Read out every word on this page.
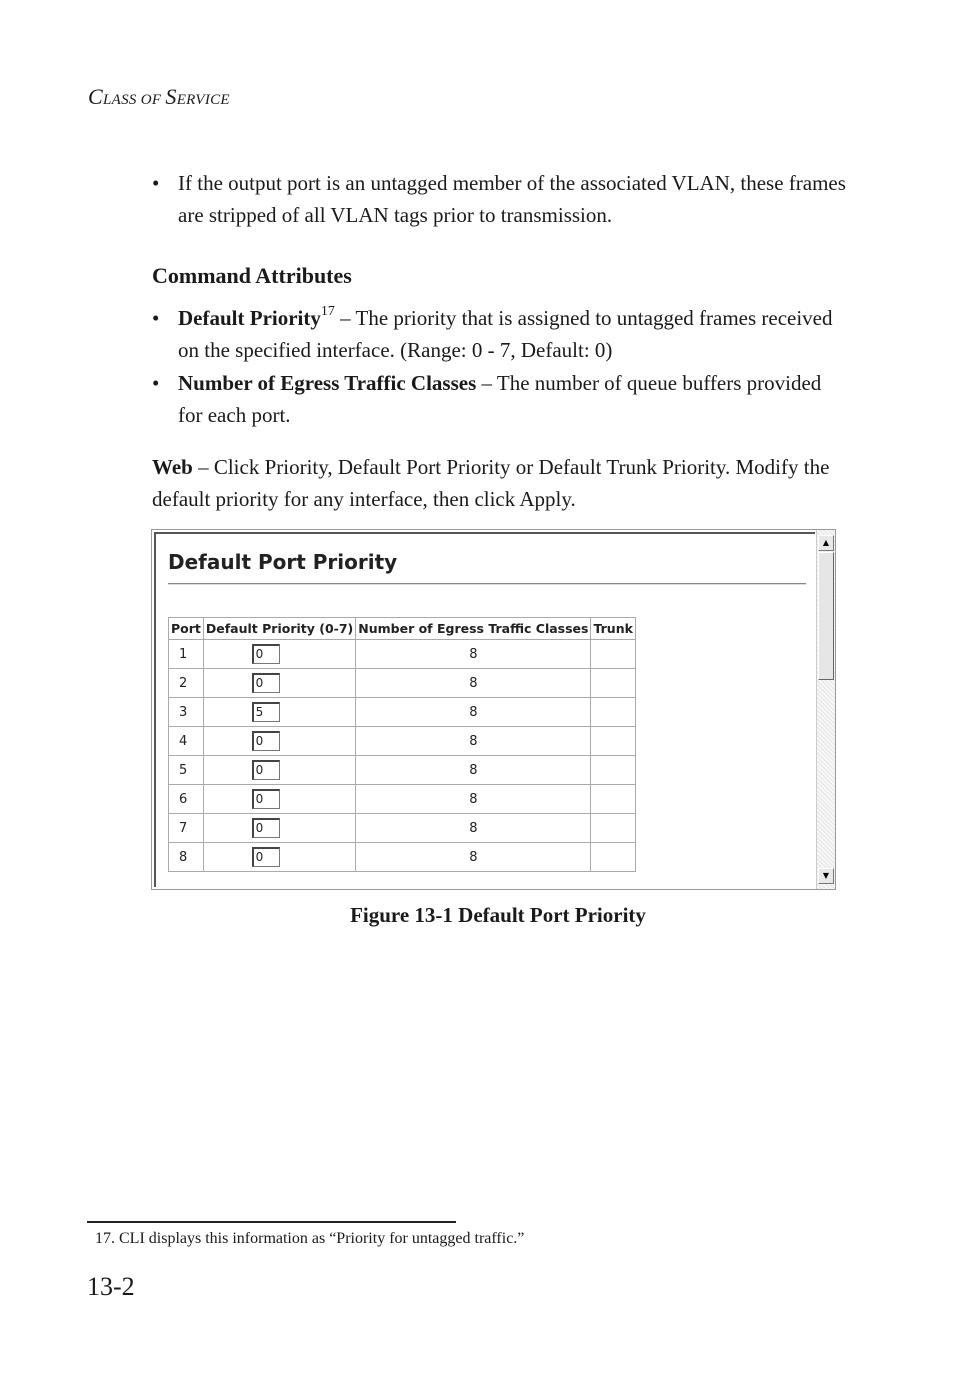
CLASS OF SERVICE
• If the output port is an untagged member of the associated VLAN, these frames are stripped of all VLAN tags prior to transmission.
Command Attributes
• Default Priority$^{17}$ – The priority that is assigned to untagged frames received on the specified interface. (Range: 0 - 7, Default: 0)
• Number of Egress Traffic Classes – The number of queue buffers provided for each port.
Web – Click Priority, Default Port Priority or Default Trunk Priority. Modify the default priority for any interface, then click Apply.
Default Port Priority
Port	Default Priority (0-7)	Number of Egress Traffic Classes	Trunk
1	0	8	
2	0	8	
3	5	8	
4	0	8	
5	0	8	
6	0	8	
7	0	8	
8	0	8	
▲
▼
Figure 13-1 Default Port Priority
17. CLI displays this information as “Priority for untagged traffic.”
13-2
